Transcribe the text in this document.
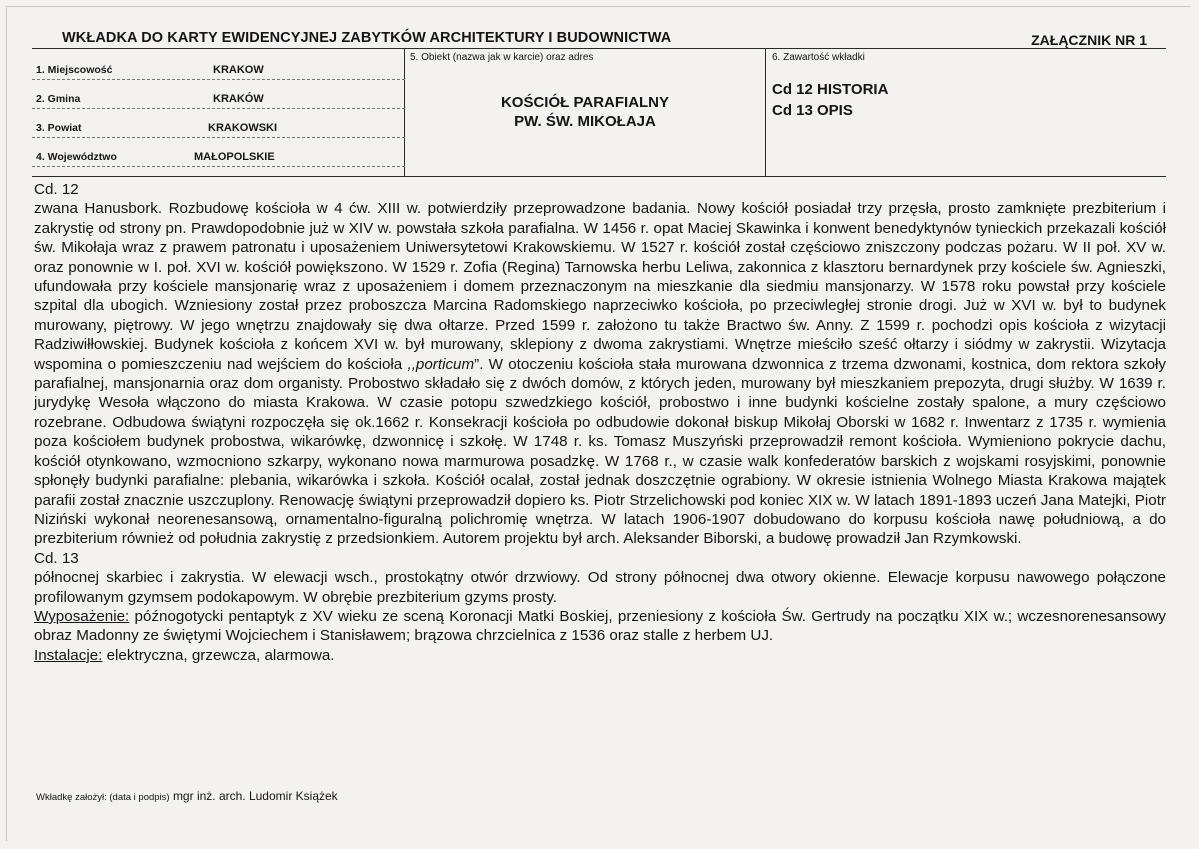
WKŁADKA DO KARTY EWIDENCYJNEJ ZABYTKÓW ARCHITEKTURY I BUDOWNICTWA	ZAŁĄCZNIK NR 1
1. Miejscowość	KRAKOW
2. Gmina	KRAKÓW
3. Powiat	KRAKOWSKI
4. Województwo	MAŁOPOLSKIE
5. Obiekt (nazwa jak w karcie) oraz adres
KOŚCIÓŁ PARAFIALNY
PW. ŚW. MIKOŁAJA
6. Zawartość wkładki
Cd 12 HISTORIA
Cd 13 OPIS

Cd. 12

zwana Hanusbork. Rozbudowę kościoła w 4 ćw. XIII w. potwierdziły przeprowadzone badania. Nowy kościół posiadał trzy przęsła, prosto zamknięte prezbiterium i zakrystię od strony pn. Prawdopodobnie już w XIV w. powstała szkoła parafialna. W 1456 r. opat Maciej Skawinka i konwent benedyktynów tynieckich przekazali kościół św. Mikołaja wraz z prawem patronatu i uposażeniem Uniwersytetowi Krakowskiemu. W 1527 r. kościół został częściowo zniszczony podczas pożaru. W II poł. XV w. oraz ponownie w I. poł. XVI w. kościół powiększono. W 1529 r. Zofia (Regina) Tarnowska herbu Leliwa, zakonnica z klasztoru bernardynek przy kościele św. Agnieszki, ufundowała przy kościele mansjonarię wraz z uposażeniem i domem przeznaczonym na mieszkanie dla siedmiu mansjonarzy. W 1578 roku powstał przy kościele szpital dla ubogich. Wzniesiony został przez proboszcza Marcina Radomskiego naprzeciwko kościoła, po przeciwległej stronie drogi. Już w XVI w. był to budynek murowany, piętrowy. W jego wnętrzu znajdowały się dwa ołtarze. Przed 1599 r. założono tu także Bractwo św. Anny. Z 1599 r. pochodzi opis kościoła z wizytacji Radziwiłłowskiej. Budynek kościoła z końcem XVI w. był murowany, sklepiony z dwoma zakrystiami. Wnętrze mieściło sześć ołtarzy i siódmy w zakrystii. Wizytacja wspomina o pomieszczeniu nad wejściem do kościoła ,,porticum”. W otoczeniu kościoła stała murowana dzwonnica z trzema dzwonami, kostnica, dom rektora szkoły parafialnej, mansjonarnia oraz dom organisty. Probostwo składało się z dwóch domów, z których jeden, murowany był mieszkaniem prepozyta, drugi służby. W 1639 r. jurydykę Wesoła włączono do miasta Krakowa. W czasie potopu szwedzkiego kościół, probostwo i inne budynki kościelne zostały spalone, a mury częściowo rozebrane. Odbudowa świątyni rozpoczęła się ok.1662 r. Konsekracji kościoła po odbudowie dokonał biskup Mikołaj Oborski w 1682 r. Inwentarz z 1735 r. wymienia poza kościołem budynek probostwa, wikarówkę, dzwonnicę i szkołę. W 1748 r. ks. Tomasz Muszyński przeprowadził remont kościoła. Wymieniono pokrycie dachu, kościół otynkowano, wzmocniono szkarpy, wykonano nowa marmurowa posadzkę. W 1768 r., w czasie walk konfederatów barskich z wojskami rosyjskimi, ponownie spłonęły budynki parafialne: plebania, wikarówka i szkoła. Kościół ocalał, został jednak doszczętnie ograbiony. W okresie istnienia Wolnego Miasta Krakowa majątek parafii został znacznie uszczuplony. Renowację świątyni przeprowadził dopiero ks. Piotr Strzelichowski pod koniec XIX w. W latach 1891-1893 uczeń Jana Matejki, Piotr Niziński wykonał neorenesansową, ornamentalno-figuralną polichromię wnętrza. W latach 1906-1907 dobudowano do korpusu kościoła nawę południową, a do prezbiterium również od południa zakrystię z przedsionkiem. Autorem projektu był arch. Aleksander Biborski, a budowę prowadził Jan Rzymkowski.

Cd. 13

północnej skarbiec i zakrystia. W elewacji wsch., prostokątny otwór drzwiowy. Od strony północnej dwa otwory okienne. Elewacje korpusu nawowego połączone profilowanym gzymsem podokapowym. W obrębie prezbiterium gzyms prosty.

Wyposażenie: późnogotycki pentaptyk z XV wieku ze sceną Koronacji Matki Boskiej, przeniesiony z kościoła Św. Gertrudy na początku XIX w.; wczesnorenesansowy obraz Madonny ze świętymi Wojciechem i Stanisławem; brązowa chrzcielnica z 1536 oraz stalle z herbem UJ.

Instalacje: elektryczna, grzewcza, alarmowa.

Wkładkę założył: (data i podpis) mgr inż. arch. Ludomir Książek
